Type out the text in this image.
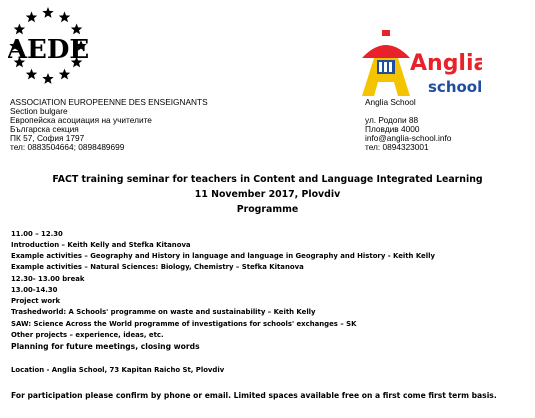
AEDE
ASSOCIATION EUROPEENNE DES ENSEIGNANTS
Section bulgare
Европейска асоциация на учителите
Българска секция
ПК 57, София 1797
тел: 0883504664; 0898489699
Anglia
school
Anglia School

ул. Родопи 88
Пловдив 4000
info@anglia-school.info
тел: 0894323001
FACT training seminar for teachers in Content and Language Integrated Learning
11 November 2017, Plovdiv
Programme
11.00 – 12.30
Introduction – Keith Kelly and Stefka Kitanova
Example activities – Geography and History in language and language in Geography and History - Keith Kelly
Example activities – Natural Sciences: Biology, Chemistry – Stefka Kitanova
12.30- 13.00 break
13.00-14.30
Project work
Trashedworld: A Schools' programme on waste and sustainability – Keith Kelly
SAW: Science Across the World programme of investigations for schools' exchanges – SK
Other projects – experience, ideas, etc.
Planning for future meetings, closing words
Location - Anglia School, 73 Kapitan Raicho St, Plovdiv
For participation please confirm by phone or email. Limited spaces available free on a first come first term basis.
